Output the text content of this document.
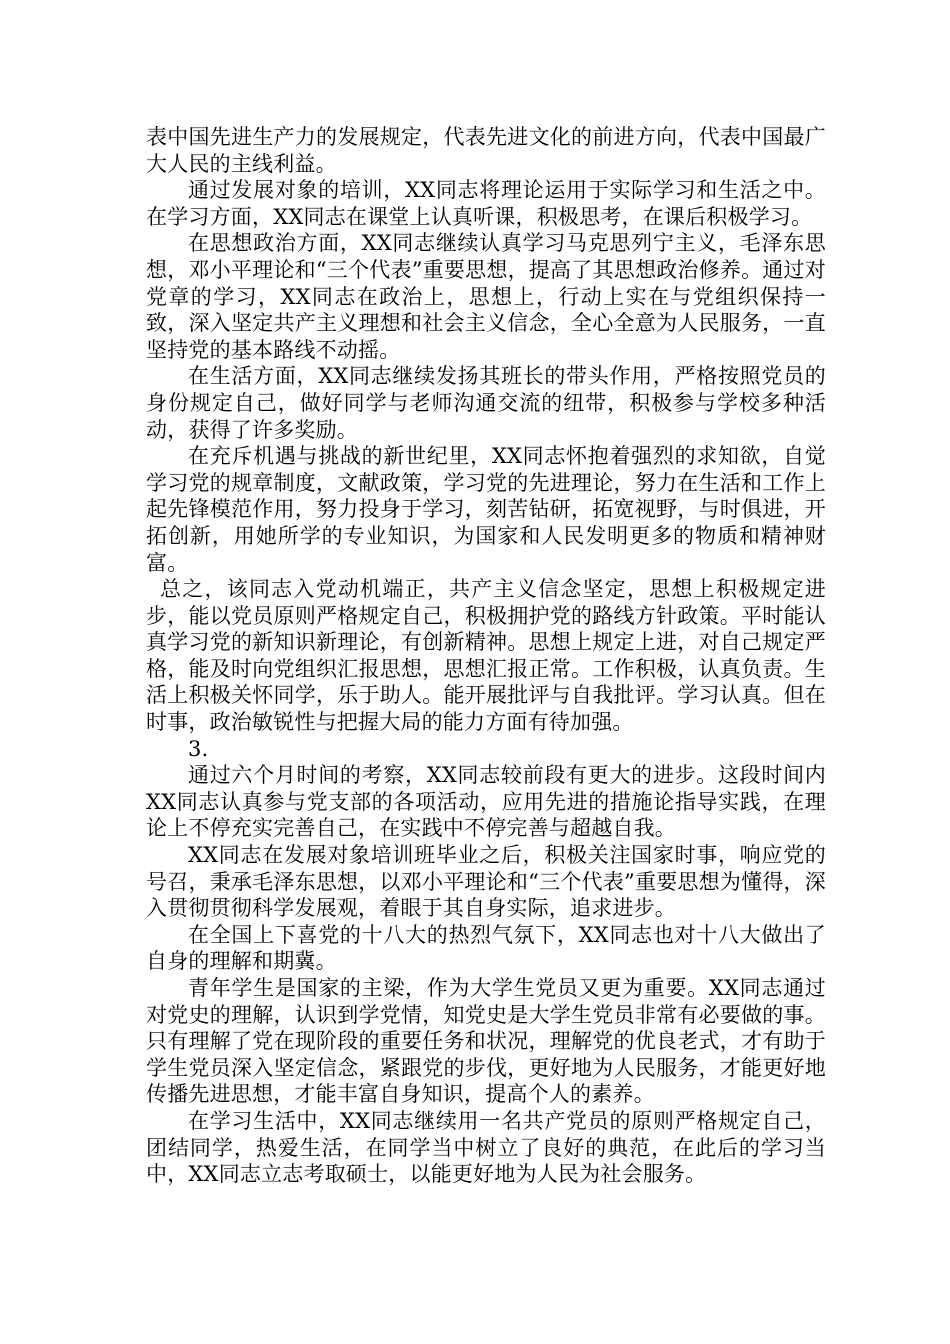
表中国先进生产力的发展规定，代表先进文化的前进方向，代表中国最广大人民的主线利益。

通过发展对象的培训，XX同志将理论运用于实际学习和生活之中。在学习方面，XX同志在课堂上认真听课，积极思考，在课后积极学习。

在思想政治方面，XX同志继续认真学习马克思列宁主义，毛泽东思想，邓小平理论和“三个代表”重要思想，提高了其思想政治修养。通过对党章的学习，XX同志在政治上，思想上，行动上实在与党组织保持一致，深入坚定共产主义理想和社会主义信念，全心全意为人民服务，一直坚持党的基本路线不动摇。

在生活方面，XX同志继续发扬其班长的带头作用，严格按照党员的身份规定自己，做好同学与老师沟通交流的纽带，积极参与学校多种活动，获得了许多奖励。

在充斥机遇与挑战的新世纪里，XX同志怀抱着强烈的求知欲，自觉学习党的规章制度，文献政策，学习党的先进理论，努力在生活和工作上起先锋模范作用，努力投身于学习，刻苦钻研，拓宽视野，与时俱进，开拓创新，用她所学的专业知识，为国家和人民发明更多的物质和精神财富。

总之，该同志入党动机端正，共产主义信念坚定，思想上积极规定进步，能以党员原则严格规定自己，积极拥护党的路线方针政策。平时能认真学习党的新知识新理论，有创新精神。思想上规定上进，对自己规定严格，能及时向党组织汇报思想，思想汇报正常。工作积极，认真负责。生活上积极关怀同学，乐于助人。能开展批评与自我批评。学习认真。但在时事，政治敏锐性与把握大局的能力方面有待加强。

3.

通过六个月时间的考察，XX同志较前段有更大的进步。这段时间内XX同志认真参与党支部的各项活动，应用先进的措施论指导实践，在理论上不停充实完善自己，在实践中不停完善与超越自我。

XX同志在发展对象培训班毕业之后，积极关注国家时事，响应党的号召，秉承毛泽东思想，以邓小平理论和“三个代表”重要思想为懂得，深入贯彻贯彻科学发展观，着眼于其自身实际，追求进步。

在全国上下喜党的十八大的热烈气氛下，XX同志也对十八大做出了自身的理解和期冀。

青年学生是国家的主梁，作为大学生党员又更为重要。XX同志通过对党史的理解，认识到学党情，知党史是大学生党员非常有必要做的事。只有理解了党在现阶段的重要任务和状况，理解党的优良老式，才有助于学生党员深入坚定信念，紧跟党的步伐，更好地为人民服务，才能更好地传播先进思想，才能丰富自身知识，提高个人的素养。

在学习生活中，XX同志继续用一名共产党员的原则严格规定自己，团结同学，热爱生活，在同学当中树立了良好的典范，在此后的学习当中，XX同志立志考取硕士，以能更好地为人民为社会服务。
